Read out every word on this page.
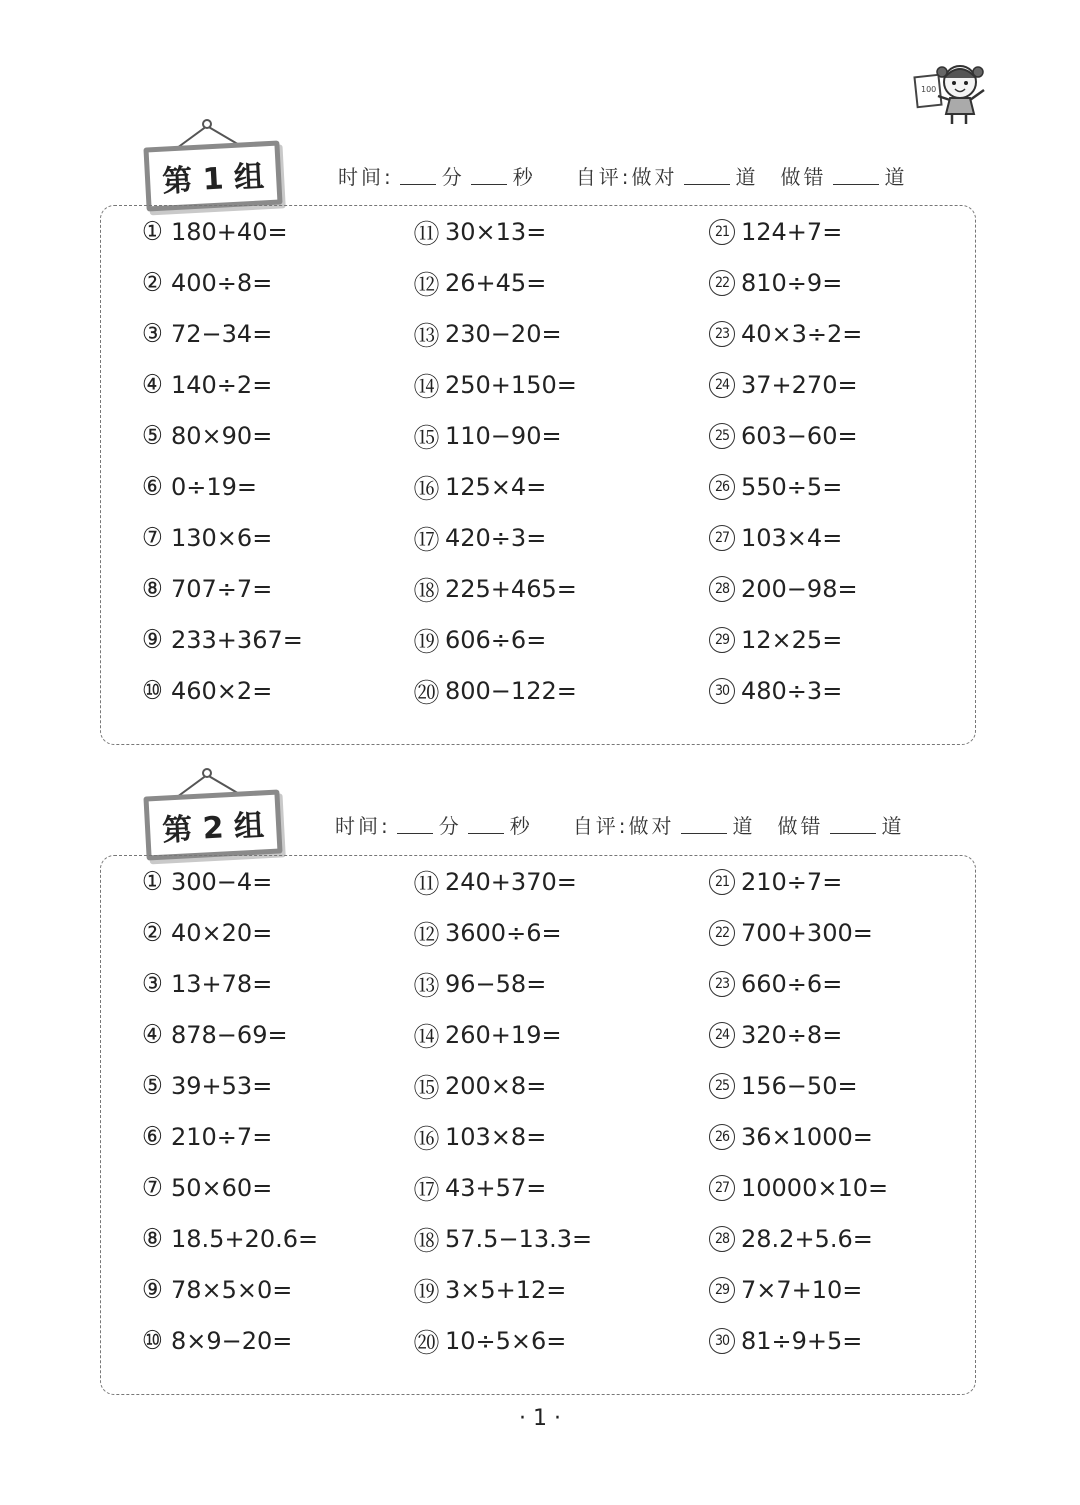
100
第 1 组	时间: 分 秒 自评:做对	道 做错	道
① 180+40=
② 400÷8=
③ 72−34=
④ 140÷2=
⑤ 80×90=
⑥ 0÷19=
⑦ 130×6=
⑧ 707÷7=
⑨ 233+367=
⑩ 460×2=
⑪ 30×13=
⑫ 26+45=
⑬ 230−20=
⑭ 250+150=
⑮ 110−90=
⑯ 125×4=
⑰ 420÷3=
⑱ 225+465=
⑲ 606÷6=
⑳ 800−122=
21 124+7=
22 810÷9=
23 40×3÷2=
24 37+270=
25 603−60=
26 550÷5=
27 103×4=
28 200−98=
29 12×25=
30 480÷3=
第 2 组	时间: 分 秒 自评:做对	道 做错	道
① 300−4=
② 40×20=
③ 13+78=
④ 878−69=
⑤ 39+53=
⑥ 210÷7=
⑦ 50×60=
⑧ 18.5+20.6=
⑨ 78×5×0=
⑩ 8×9−20=
⑪ 240+370=
⑫ 3600÷6=
⑬ 96−58=
⑭ 260+19=
⑮ 200×8=
⑯ 103×8=
⑰ 43+57=
⑱ 57.5−13.3=
⑲ 3×5+12=
⑳ 10÷5×6=
21 210÷7=
22 700+300=
23 660÷6=
24 320÷8=
25 156−50=
26 36×1000=
27 10000×10=
28 28.2+5.6=
29 7×7+10=
30 81÷9+5=
· 1 ·
